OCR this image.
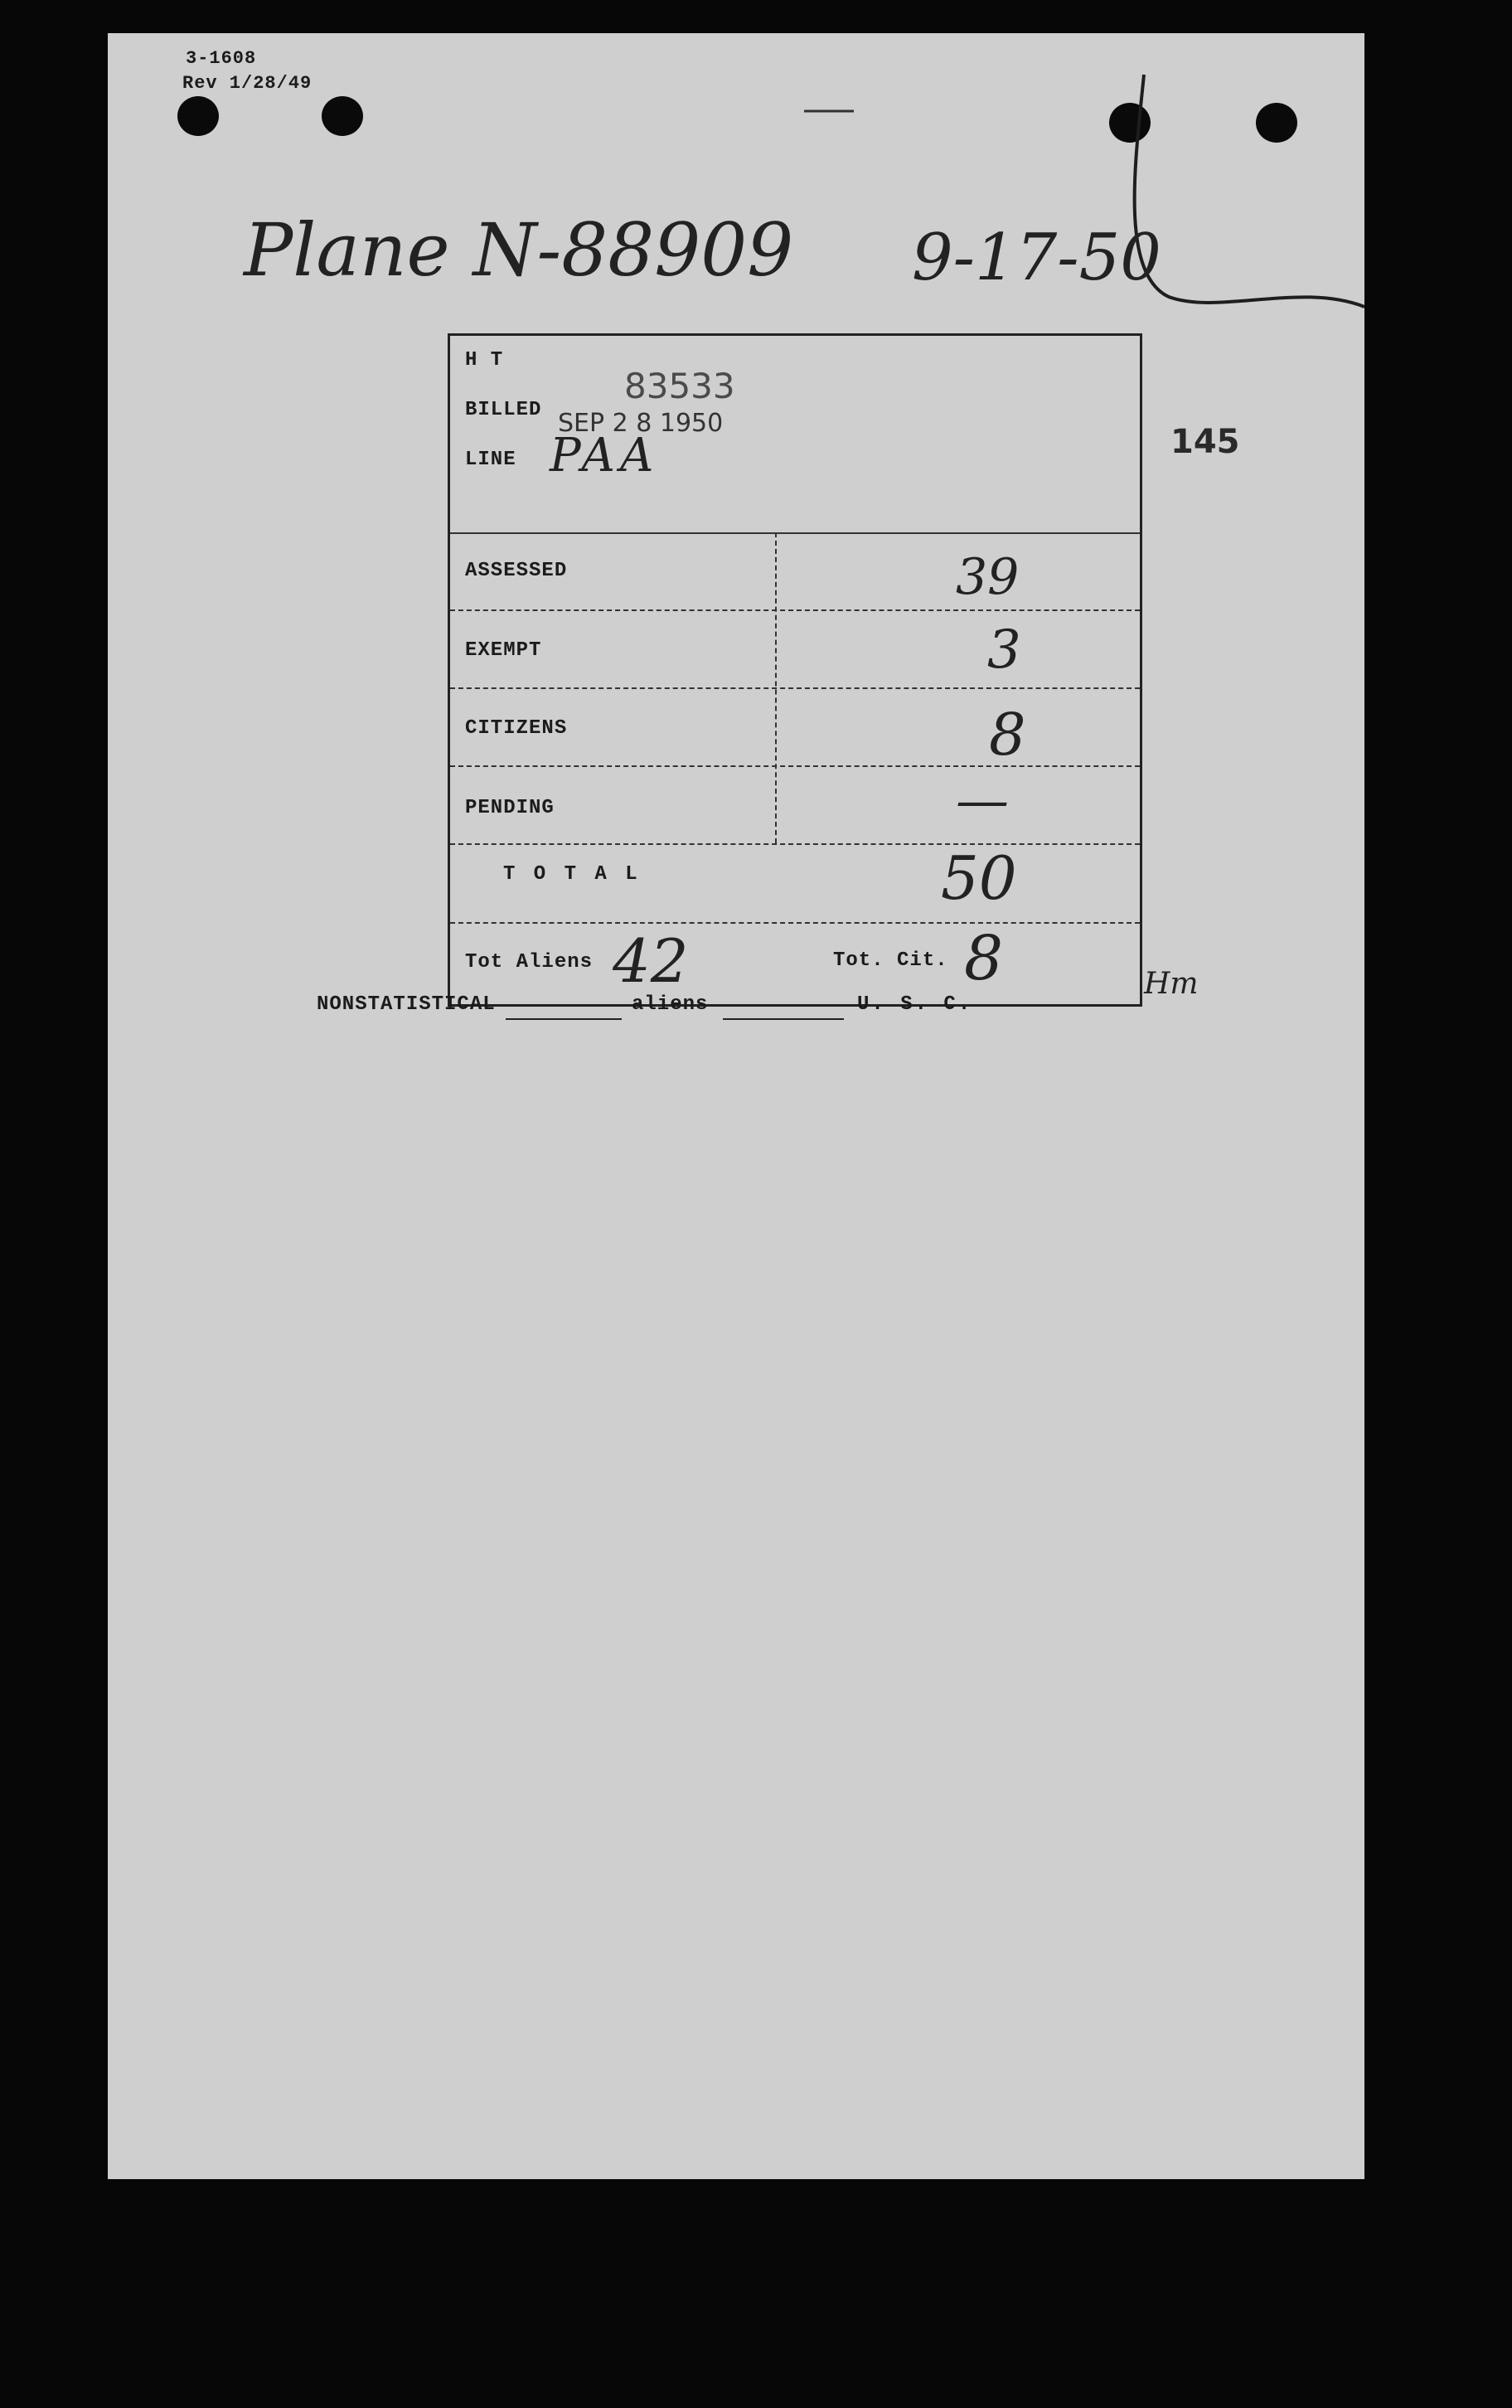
3-1608
Rev 1/28/49
Plane N-88909 9-17-50
145
H T
83533
BILLED SEP 2 8 1950
LINE PAA
ASSESSED	39
EXEMPT	3
CITIZENS	8
PENDING	—
T O T A L	50
Tot Aliens 42	Tot. Cit. 8	Hm
NONSTATISTICAL	aliens	U. S. C.
